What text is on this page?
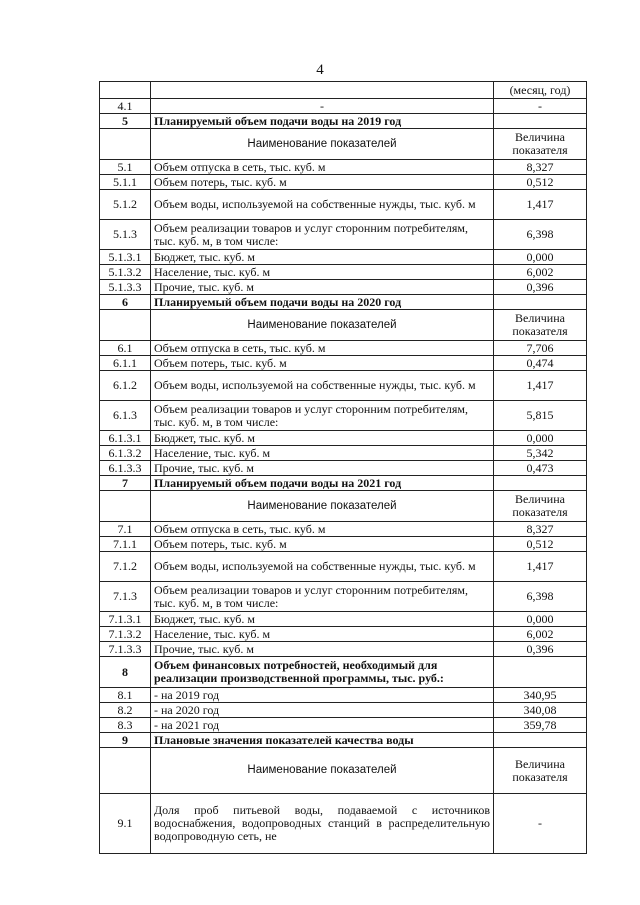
4
		(месяц, год)
4.1	-	-
5	Планируемый объем подачи воды на 2019 год	
	Наименование показателей	Величина показателя
5.1	Объем отпуска в сеть, тыс. куб. м	8,327
5.1.1	Объем потерь, тыс. куб. м	0,512
5.1.2	Объем воды, используемой на собственные нужды, тыс. куб. м	1,417
5.1.3	Объем реализации товаров и услуг сторонним потребителям, тыс. куб. м, в том числе:	6,398
5.1.3.1	Бюджет, тыс. куб. м	0,000
5.1.3.2	Население, тыс. куб. м	6,002
5.1.3.3	Прочие, тыс. куб. м	0,396
6	Планируемый объем подачи воды на 2020 год	
	Наименование показателей	Величина показателя
6.1	Объем отпуска в сеть, тыс. куб. м	7,706
6.1.1	Объем потерь, тыс. куб. м	0,474
6.1.2	Объем воды, используемой на собственные нужды, тыс. куб. м	1,417
6.1.3	Объем реализации товаров и услуг сторонним потребителям, тыс. куб. м, в том числе:	5,815
6.1.3.1	Бюджет, тыс. куб. м	0,000
6.1.3.2	Население, тыс. куб. м	5,342
6.1.3.3	Прочие, тыс. куб. м	0,473
7	Планируемый объем подачи воды на 2021 год	
	Наименование показателей	Величина показателя
7.1	Объем отпуска в сеть, тыс. куб. м	8,327
7.1.1	Объем потерь, тыс. куб. м	0,512
7.1.2	Объем воды, используемой на собственные нужды, тыс. куб. м	1,417
7.1.3	Объем реализации товаров и услуг сторонним потребителям, тыс. куб. м, в том числе:	6,398
7.1.3.1	Бюджет, тыс. куб. м	0,000
7.1.3.2	Население, тыс. куб. м	6,002
7.1.3.3	Прочие, тыс. куб. м	0,396
8	Объем финансовых потребностей, необходимый для реализации производственной программы, тыс. руб.:	
8.1	- на 2019 год	340,95
8.2	- на 2020 год	340,08
8.3	- на 2021 год	359,78
9	Плановые значения показателей качества воды	
	Наименование показателей	Величина показателя
9.1	Доля проб питьевой воды, подаваемой с источников водоснабжения, водопроводных станций в распределительную водопроводную сеть, не	-
